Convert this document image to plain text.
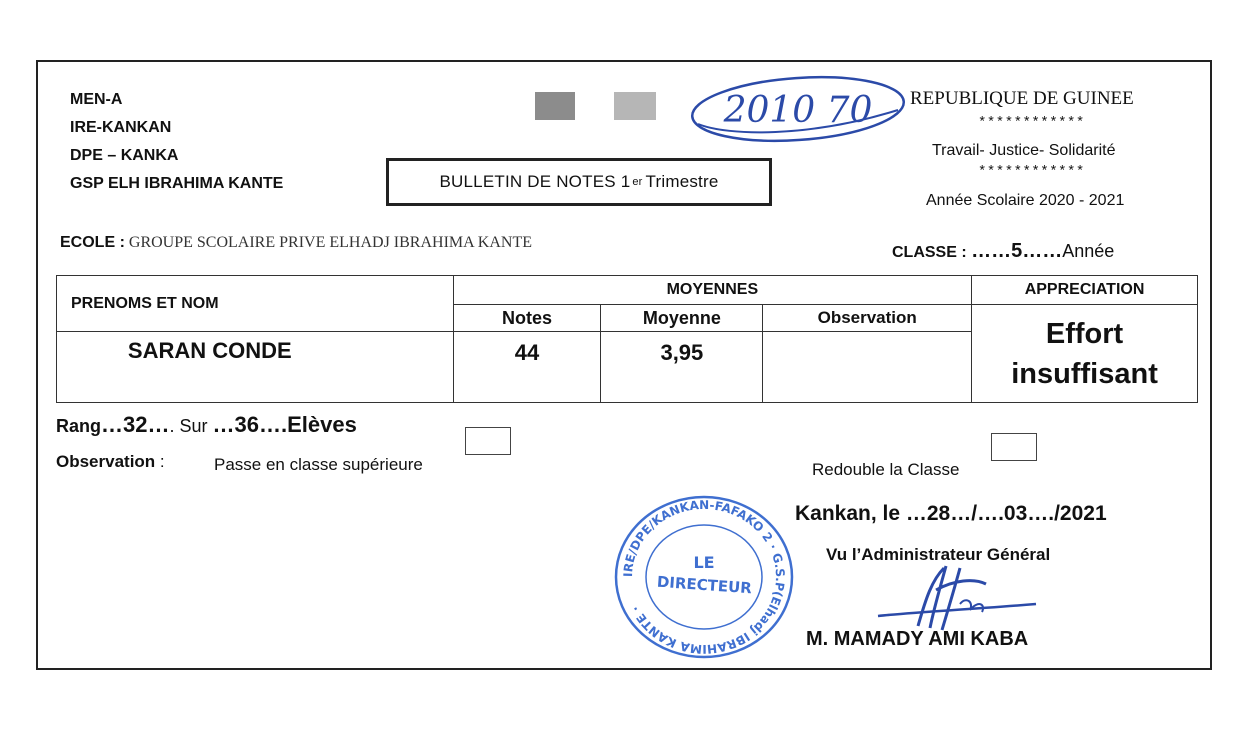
MEN-A
IRE-KANKAN
DPE – KANKA
GSP ELH IBRAHIMA KANTE
2010 70
BULLETIN DE NOTES 1 er Trimestre
REPUBLIQUE DE GUINEE
************
Travail- Justice- Solidarité
************
Année Scolaire 2020 - 2021
ECOLE : GROUPE SCOLAIRE PRIVE ELHADJ IBRAHIMA KANTE
CLASSE : ……5……Année
PRENOMS ET NOM	MOYENNES			APPRECIATION
	Notes	Moyenne	Observation	Effort
insuffisant

SARAN CONDE	44	3,95		
Rang…32…. Sur …36….Elèves
Observation :	Passe en classe supérieure	Redouble la Classe
Kankan, le …28…/….03…./2021
Vu l’Administrateur Général
M. MAMADY AMI KABA
IRE/DPE/KANKAN-FAFAKO 2 · G.S.P(Elhadj IBRAHIMA KANTE ·
LE
DIRECTEUR
